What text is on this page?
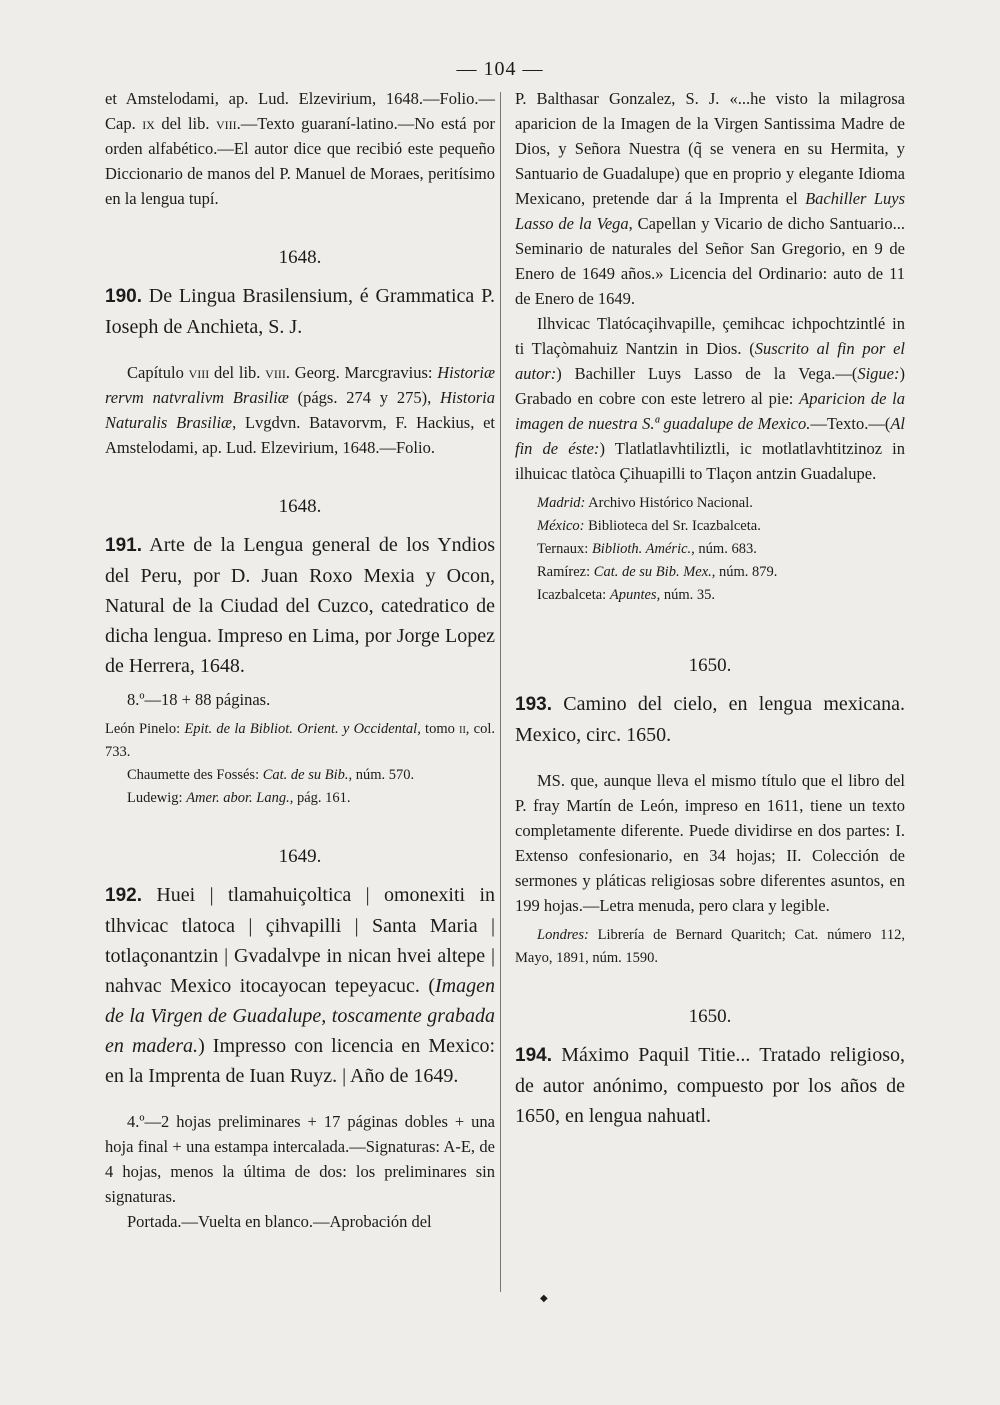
— 104 —

et Amstelodami, ap. Lud. Elzevirium, 1648.—Folio.—Cap. ix del lib. viii.—Texto guaraní-latino.—No está por orden alfabético.—El autor dice que recibió este pequeño Diccionario de manos del P. Manuel de Moraes, peritísimo en la lengua tupí.

1648.

190. De Lingua Brasilensium, é Grammatica P. Ioseph de Anchieta, S. J.

Capítulo viii del lib. viii. Georg. Marcgravius: Historiæ rervm natvralivm Brasiliæ (págs. 274 y 275), Historia Naturalis Brasiliæ, Lvgdvn. Batavorvm, F. Hackius, et Amstelodami, ap. Lud. Elzevirium, 1648.—Folio.

1648.

191. Arte de la Lengua general de los Yndios del Peru, por D. Juan Roxo Mexia y Ocon, Natural de la Ciudad del Cuzco, catedratico de dicha lengua. Impreso en Lima, por Jorge Lopez de Herrera, 1648.

8.º—18 + 88 páginas.

León Pinelo: Epit. de la Bibliot. Orient. y Occidental, tomo ii, col. 733.

Chaumette des Fossés: Cat. de su Bib., núm. 570.

Ludewig: Amer. abor. Lang., pág. 161.

1649.

192. Huei | tlamahuiçoltica | omonexiti in tlhvicac tlatoca | çihvapilli | Santa Maria | totlaçonantzin | Gvadalvpe in nican hvei altepe | nahvac Mexico itocayocan tepeyacuc. (Imagen de la Virgen de Guadalupe, toscamente grabada en madera.) Impresso con licencia en Mexico: en la Imprenta de Iuan Ruyz. | Año de 1649.

4.º—2 hojas preliminares + 17 páginas dobles + una hoja final + una estampa intercalada.—Signaturas: A-E, de 4 hojas, menos la última de dos: los preliminares sin signaturas.

Portada.—Vuelta en blanco.—Aprobación del

P. Balthasar Gonzalez, S. J. «...he visto la milagrosa aparicion de la Imagen de la Virgen Santissima Madre de Dios, y Señora Nuestra (q̃ se venera en su Hermita, y Santuario de Guadalupe) que en proprio y elegante Idioma Mexicano, pretende dar á la Imprenta el Bachiller Luys Lasso de la Vega, Capellan y Vicario de dicho Santuario... Seminario de naturales del Señor San Gregorio, en 9 de Enero de 1649 años.» Licencia del Ordinario: auto de 11 de Enero de 1649.

Ilhvicac Tlatócaçihvapille, çemihcac ichpochtzintlé in ti Tlaçòmahuiz Nantzin in Dios. (Suscrito al fin por el autor:) Bachiller Luys Lasso de la Vega.—(Sigue:) Grabado en cobre con este letrero al pie: Aparicion de la imagen de nuestra S.ª guadalupe de Mexico.—Texto.—(Al fin de éste:) Tlatlatlavhtiliztli, ic motlatlavhtitzinoz in ilhuicac tlatòca Çihuapilli to Tlaçon antzin Guadalupe.

Madrid: Archivo Histórico Nacional.

México: Biblioteca del Sr. Icazbalceta.

Ternaux: Biblioth. Améric., núm. 683.

Ramírez: Cat. de su Bib. Mex., núm. 879.

Icazbalceta: Apuntes, núm. 35.

1650.

193. Camino del cielo, en lengua mexicana. Mexico, circ. 1650.

MS. que, aunque lleva el mismo título que el libro del P. fray Martín de León, impreso en 1611, tiene un texto completamente diferente. Puede dividirse en dos partes: I. Extenso confesionario, en 34 hojas; II. Colección de sermones y pláticas religiosas sobre diferentes asuntos, en 199 hojas.—Letra menuda, pero clara y legible.

Londres: Librería de Bernard Quaritch; Cat. número 112, Mayo, 1891, núm. 1590.

1650.

194. Máximo Paquil Titie... Tratado religioso, de autor anónimo, compuesto por los años de 1650, en lengua nahuatl.

◆
